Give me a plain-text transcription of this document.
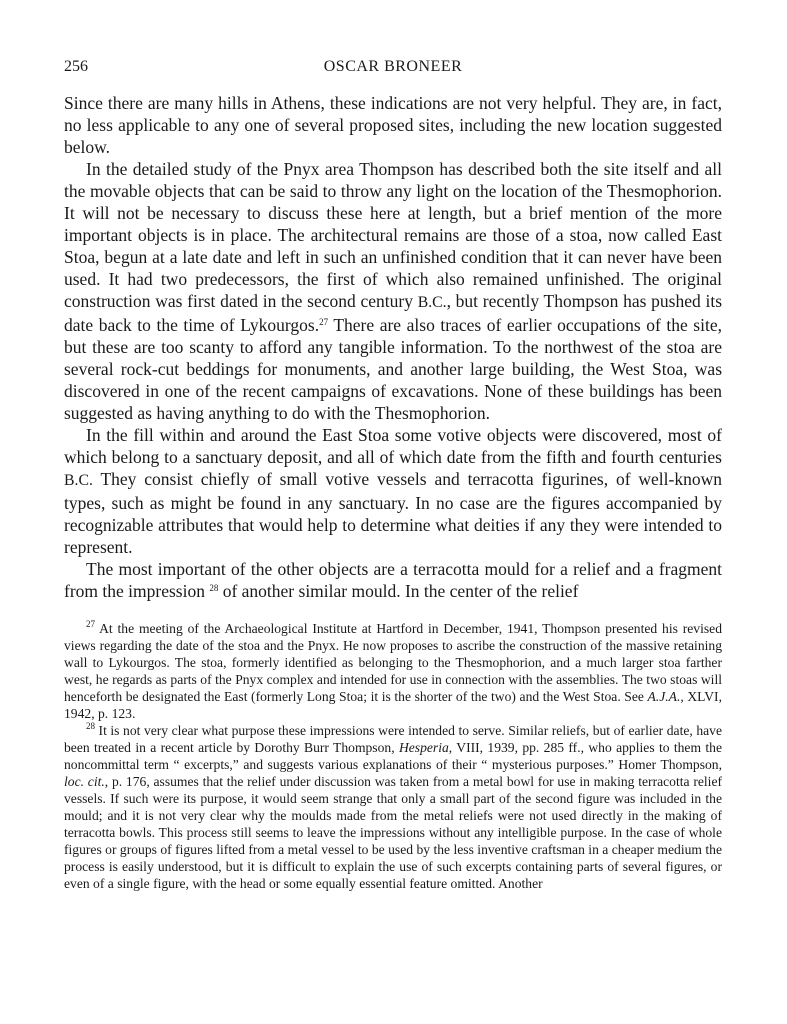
256	OSCAR BRONEER

Since there are many hills in Athens, these indications are not very helpful. They are, in fact, no less applicable to any one of several proposed sites, including the new location suggested below.

In the detailed study of the Pnyx area Thompson has described both the site itself and all the movable objects that can be said to throw any light on the location of the Thesmophorion. It will not be necessary to discuss these here at length, but a brief mention of the more important objects is in place. The architectural remains are those of a stoa, now called East Stoa, begun at a late date and left in such an unfinished condition that it can never have been used. It had two predecessors, the first of which also remained unfinished. The original construction was first dated in the second century B.C., but recently Thompson has pushed its date back to the time of Lykourgos.$^{27}$ There are also traces of earlier occupations of the site, but these are too scanty to afford any tangible information. To the northwest of the stoa are several rock-cut beddings for monuments, and another large building, the West Stoa, was discovered in one of the recent campaigns of excavations. None of these buildings has been suggested as having anything to do with the Thesmophorion.

In the fill within and around the East Stoa some votive objects were discovered, most of which belong to a sanctuary deposit, and all of which date from the fifth and fourth centuries B.C. They consist chiefly of small votive vessels and terracotta figurines, of well-known types, such as might be found in any sanctuary. In no case are the figures accompanied by recognizable attributes that would help to determine what deities if any they were intended to represent.

The most important of the other objects are a terracotta mould for a relief and a fragment from the impression $^{28}$ of another similar mould. In the center of the relief

$^{27}$ At the meeting of the Archaeological Institute at Hartford in December, 1941, Thompson presented his revised views regarding the date of the stoa and the Pnyx. He now proposes to ascribe the construction of the massive retaining wall to Lykourgos. The stoa, formerly identified as belonging to the Thesmophorion, and a much larger stoa farther west, he regards as parts of the Pnyx complex and intended for use in connection with the assemblies. The two stoas will henceforth be designated the East (formerly Long Stoa; it is the shorter of the two) and the West Stoa. See A.J.A., XLVI, 1942, p. 123.

$^{28}$ It is not very clear what purpose these impressions were intended to serve. Similar reliefs, but of earlier date, have been treated in a recent article by Dorothy Burr Thompson, Hesperia, VIII, 1939, pp. 285 ff., who applies to them the noncommittal term “ excerpts,” and suggests various explanations of their “ mysterious purposes.” Homer Thompson, loc. cit., p. 176, assumes that the relief under discussion was taken from a metal bowl for use in making terracotta relief vessels. If such were its purpose, it would seem strange that only a small part of the second figure was included in the mould; and it is not very clear why the moulds made from the metal reliefs were not used directly in the making of terracotta bowls. This process still seems to leave the impressions without any intelligible purpose. In the case of whole figures or groups of figures lifted from a metal vessel to be used by the less inventive craftsman in a cheaper medium the process is easily understood, but it is difficult to explain the use of such excerpts containing parts of several figures, or even of a single figure, with the head or some equally essential feature omitted. Another
